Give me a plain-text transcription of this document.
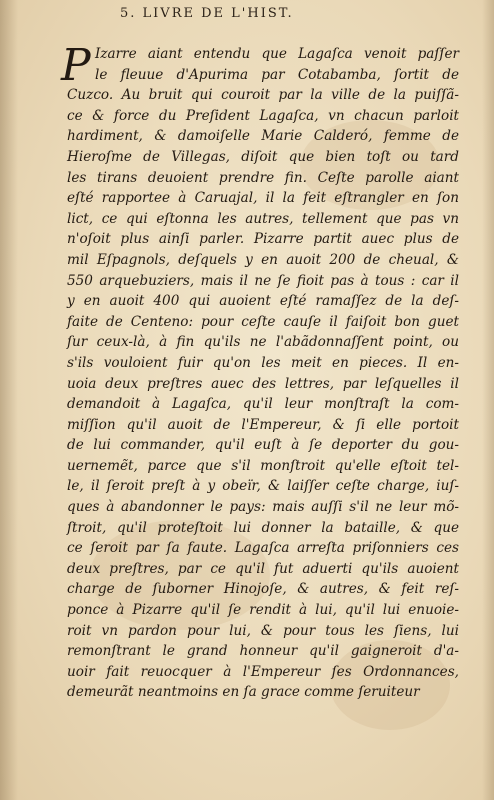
5. LIVRE DE L'HIST.
P Izarre aiant entendu que Lagaſca venoit paſſer
le fleuue d'Apurima par Cotabamba, ſortit de
Cuzco. Au bruit qui couroit par la ville de la puiſſã-
ce & force du Preſident Lagaſca, vn chacun parloit
hardiment, & damoiſelle Marie Calderó, femme de
Hieroſme de Villegas, diſoit que bien toſt ou tard
les tirans deuoient prendre fin. Ceſte parolle aiant
eſté rapportee à Caruajal, il la feit eſtrangler en ſon
lict, ce qui eſtonna les autres, tellement que pas vn
n'oſoit plus ainſi parler. Pizarre partit auec plus de
mil Eſpagnols, deſquels y en auoit 200 de cheual, &
550 arquebuziers, mais il ne ſe fioit pas à tous : car il
y en auoit 400 qui auoient eſté ramaſſez de la deſ-
faite de Centeno: pour ceſte cauſe il faiſoit bon guet
ſur ceux-là, à fin qu'ils ne l'abãdonnaſſent point, ou
s'ils vouloient fuir qu'on les meit en pieces. Il en-
uoia deux preſtres auec des lettres, par leſquelles il
demandoit à Lagaſca, qu'il leur monſtraſt la com-
miſſion qu'il auoit de l'Empereur, & ſi elle portoit
de lui commander, qu'il euſt à ſe deporter du gou-
uernemẽt, parce que s'il monſtroit qu'elle eſtoit tel-
le, il ſeroit preſt à y obeïr, & laiſſer ceſte charge, iuſ-
ques à abandonner le pays: mais auſſi s'il ne leur mõ-
ſtroit, qu'il proteſtoit lui donner la bataille, & que
ce ſeroit par ſa faute. Lagaſca arreſta priſonniers ces
deux preſtres, par ce qu'il fut aduerti qu'ils auoient
charge de ſuborner Hinojoſe, & autres, & feit reſ-
ponce à Pizarre qu'il ſe rendit à lui, qu'il lui enuoie-
roit vn pardon pour lui, & pour tous les ſiens, lui
remonſtrant le grand honneur qu'il gaigneroit d'a-
uoir fait reuocquer à l'Empereur ſes Ordonnances,
demeurãt neantmoins en ſa grace comme ſeruiteur
